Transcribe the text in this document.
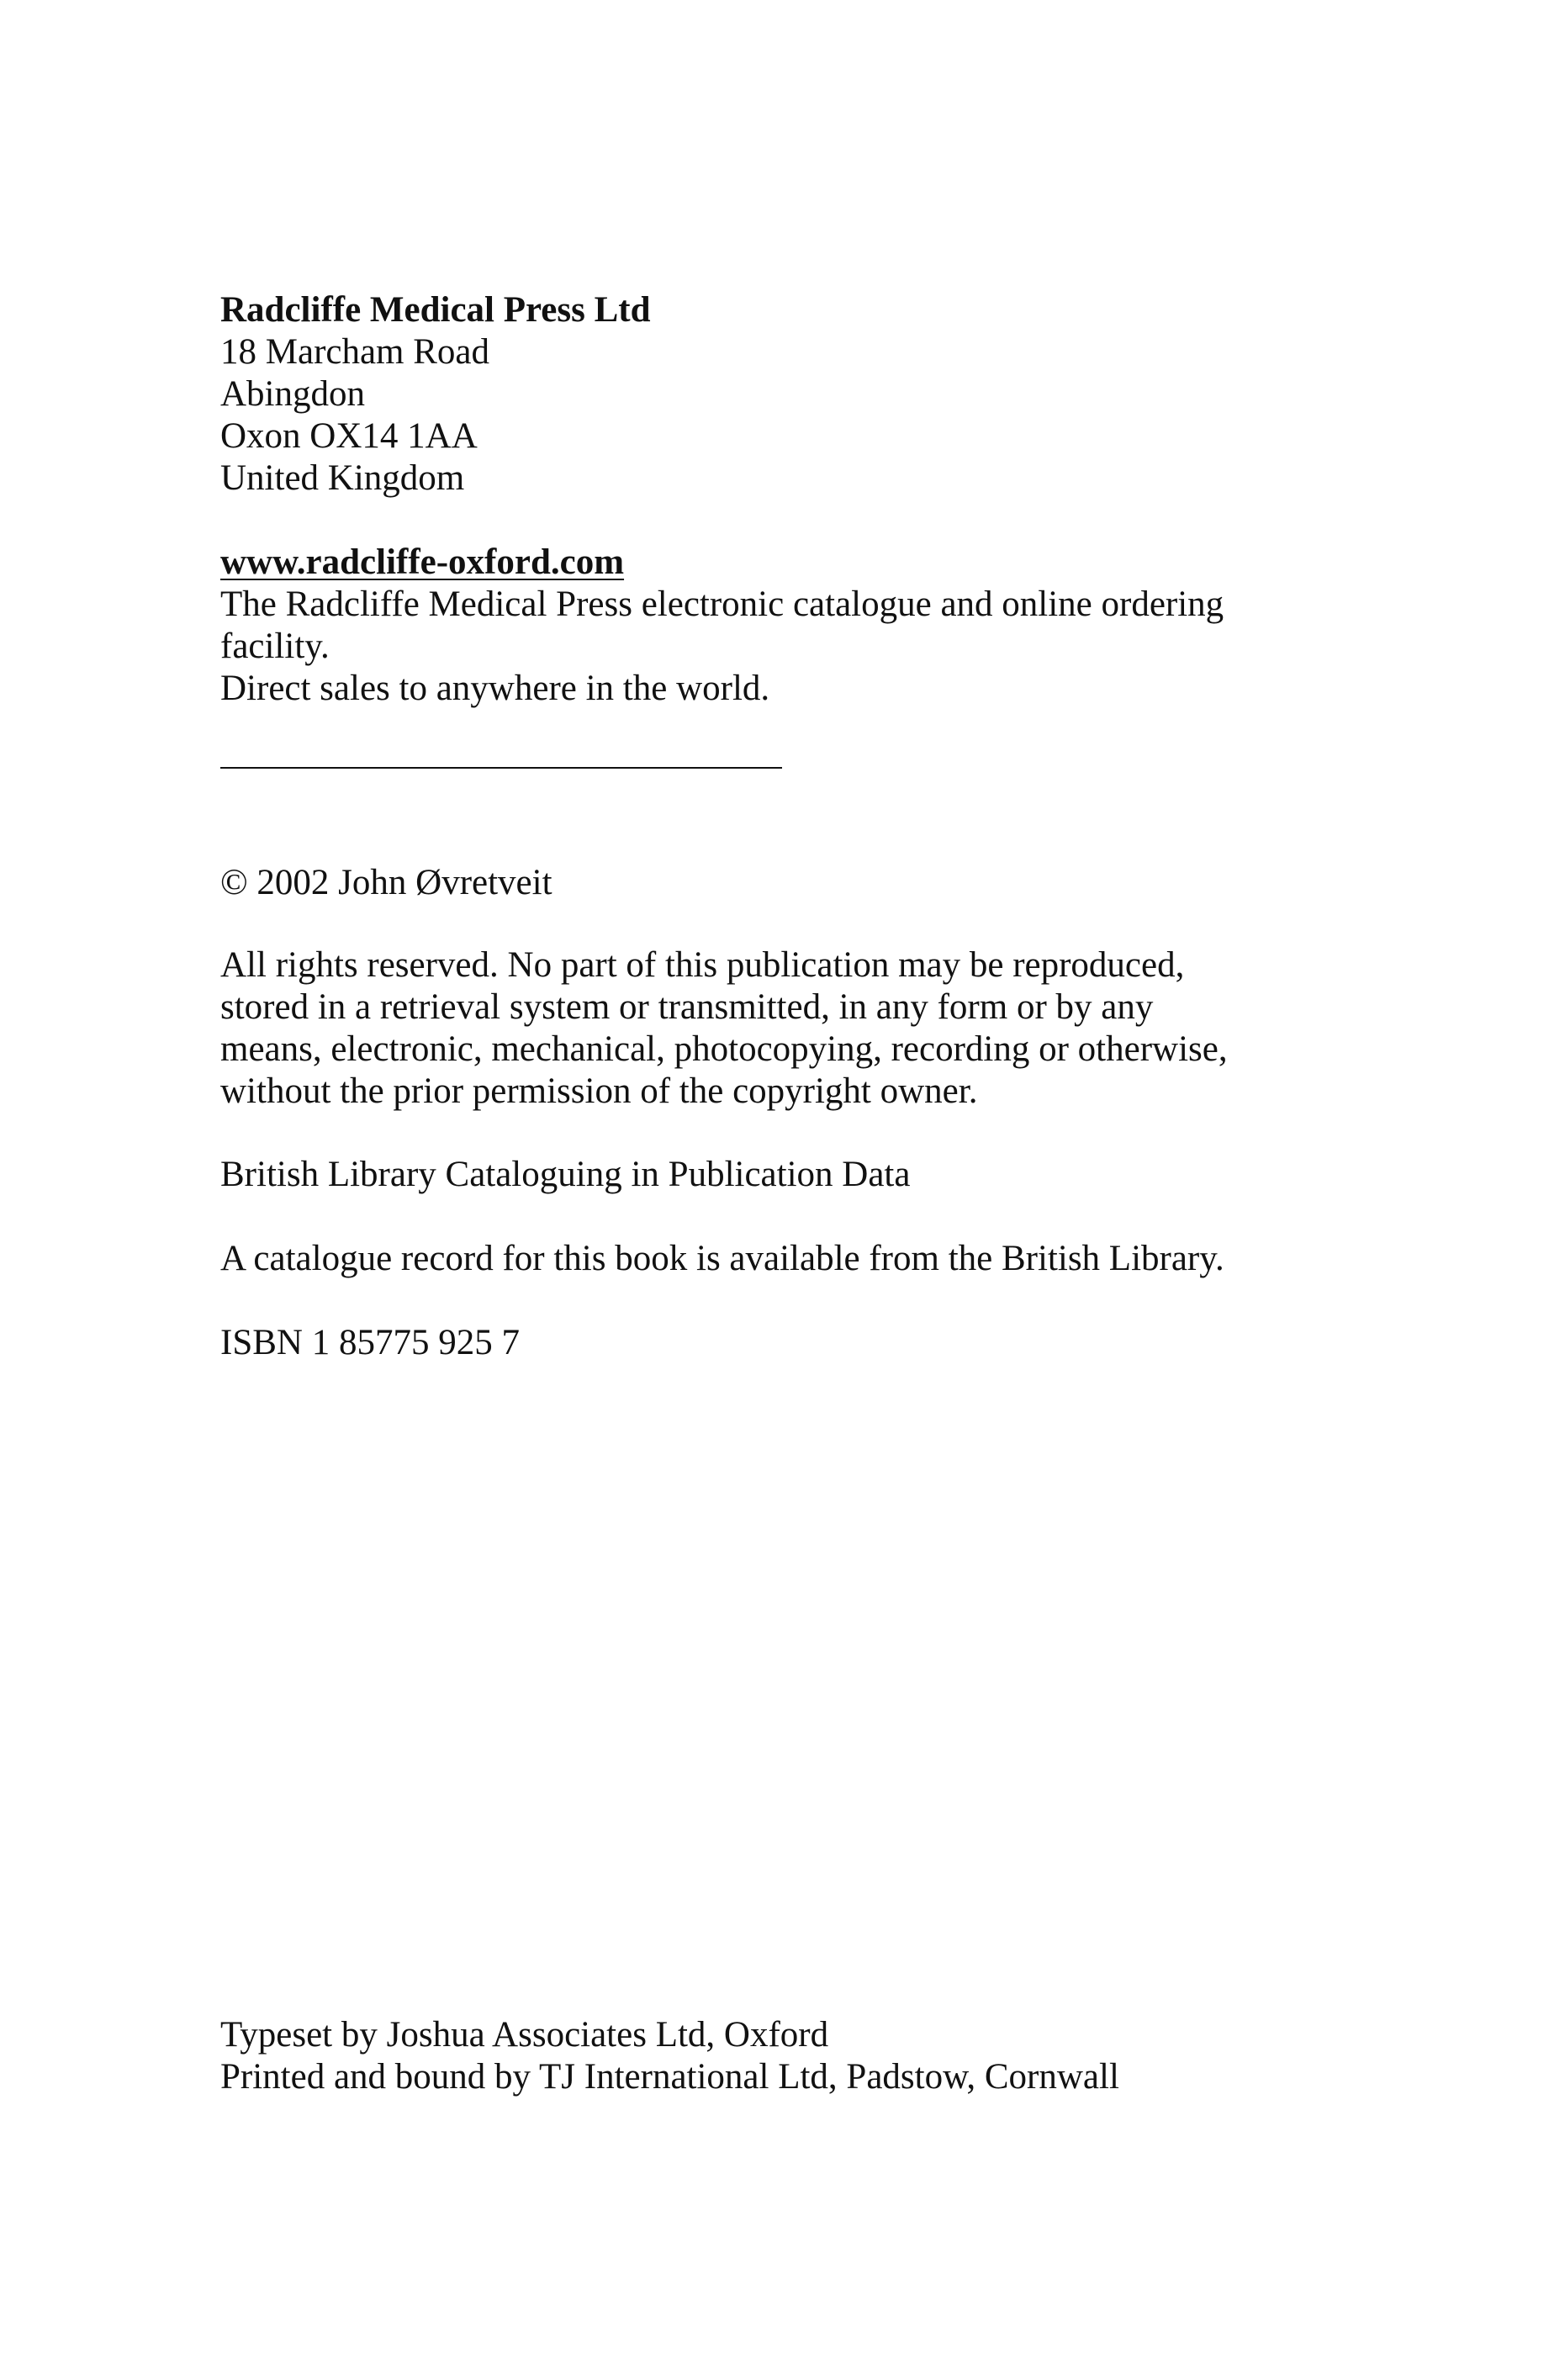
Radcliffe Medical Press Ltd
18 Marcham Road
Abingdon
Oxon OX14 1AA
United Kingdom
www.radcliffe-oxford.com
The Radcliffe Medical Press electronic catalogue and online ordering
facility.
Direct sales to anywhere in the world.
© 2002 John Øvretveit
All rights reserved. No part of this publication may be reproduced,
stored in a retrieval system or transmitted, in any form or by any
means, electronic, mechanical, photocopying, recording or otherwise,
without the prior permission of the copyright owner.
British Library Cataloguing in Publication Data
A catalogue record for this book is available from the British Library.
ISBN 1 85775 925 7
Typeset by Joshua Associates Ltd, Oxford
Printed and bound by TJ International Ltd, Padstow, Cornwall
